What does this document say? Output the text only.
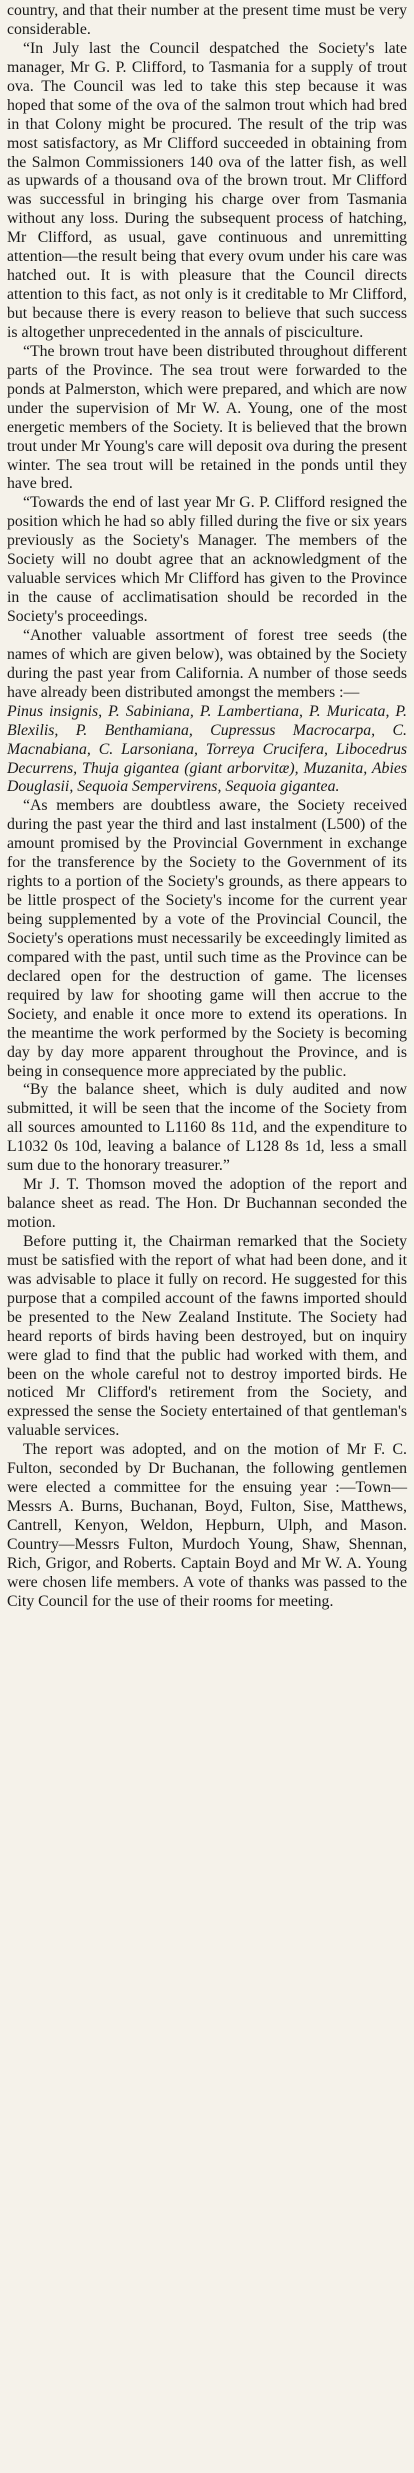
country, and that their number at the present time must be very considerable.

“In July last the Council despatched the Society's late manager, Mr G. P. Clifford, to Tasmania for a supply of trout ova. The Council was led to take this step because it was hoped that some of the ova of the salmon trout which had bred in that Colony might be procured. The result of the trip was most satisfactory, as Mr Clifford succeeded in obtaining from the Salmon Commissioners 140 ova of the latter fish, as well as upwards of a thousand ova of the brown trout. Mr Clifford was successful in bringing his charge over from Tasmania without any loss. During the subsequent process of hatching, Mr Clifford, as usual, gave continuous and unremitting attention—the result being that every ovum under his care was hatched out. It is with pleasure that the Council directs attention to this fact, as not only is it creditable to Mr Clifford, but because there is every reason to believe that such success is altogether unprecedented in the annals of pisciculture.

“The brown trout have been distributed throughout different parts of the Province. The sea trout were forwarded to the ponds at Palmerston, which were prepared, and which are now under the supervision of Mr W. A. Young, one of the most energetic members of the Society. It is believed that the brown trout under Mr Young's care will deposit ova during the present winter. The sea trout will be retained in the ponds until they have bred.

“Towards the end of last year Mr G. P. Clifford resigned the position which he had so ably filled during the five or six years previously as the Society's Manager. The members of the Society will no doubt agree that an acknowledgment of the valuable services which Mr Clifford has given to the Province in the cause of acclimatisation should be recorded in the Society's proceedings.

“Another valuable assortment of forest tree seeds (the names of which are given below), was obtained by the Society during the past year from California. A number of those seeds have already been distributed amongst the members :—

Pinus insignis, P. Sabiniana, P. Lambertiana, P. Muricata, P. Blexilis, P. Benthamiana, Cupressus Macrocarpa, C. Macnabiana, C. Larsoniana, Torreya Crucifera, Libocedrus Decurrens, Thuja gigantea (giant arborvitæ), Muzanita, Abies Douglasii, Sequoia Sempervirens, Sequoia gigantea.

“As members are doubtless aware, the Society received during the past year the third and last instalment (L500) of the amount promised by the Provincial Government in exchange for the transference by the Society to the Government of its rights to a portion of the Society's grounds, as there appears to be little prospect of the Society's income for the current year being supplemented by a vote of the Provincial Council, the Society's operations must necessarily be exceedingly limited as compared with the past, until such time as the Province can be declared open for the destruction of game. The licenses required by law for shooting game will then accrue to the Society, and enable it once more to extend its operations. In the meantime the work performed by the Society is becoming day by day more apparent throughout the Province, and is being in consequence more appreciated by the public.

“By the balance sheet, which is duly audited and now submitted, it will be seen that the income of the Society from all sources amounted to L1160 8s 11d, and the expenditure to L1032 0s 10d, leaving a balance of L128 8s 1d, less a small sum due to the honorary treasurer.”

Mr J. T. Thomson moved the adoption of the report and balance sheet as read. The Hon. Dr Buchannan seconded the motion.

Before putting it, the Chairman remarked that the Society must be satisfied with the report of what had been done, and it was advisable to place it fully on record. He suggested for this purpose that a compiled account of the fawns imported should be presented to the New Zealand Institute. The Society had heard reports of birds having been destroyed, but on inquiry were glad to find that the public had worked with them, and been on the whole careful not to destroy imported birds. He noticed Mr Clifford's retirement from the Society, and expressed the sense the Society entertained of that gentleman's valuable services.

The report was adopted, and on the motion of Mr F. C. Fulton, seconded by Dr Buchanan, the following gentlemen were elected a committee for the ensuing year :—Town—Messrs A. Burns, Buchanan, Boyd, Fulton, Sise, Matthews, Cantrell, Kenyon, Weldon, Hepburn, Ulph, and Mason. Country—Messrs Fulton, Murdoch Young, Shaw, Shennan, Rich, Grigor, and Roberts. Captain Boyd and Mr W. A. Young were chosen life members. A vote of thanks was passed to the City Council for the use of their rooms for meeting.
